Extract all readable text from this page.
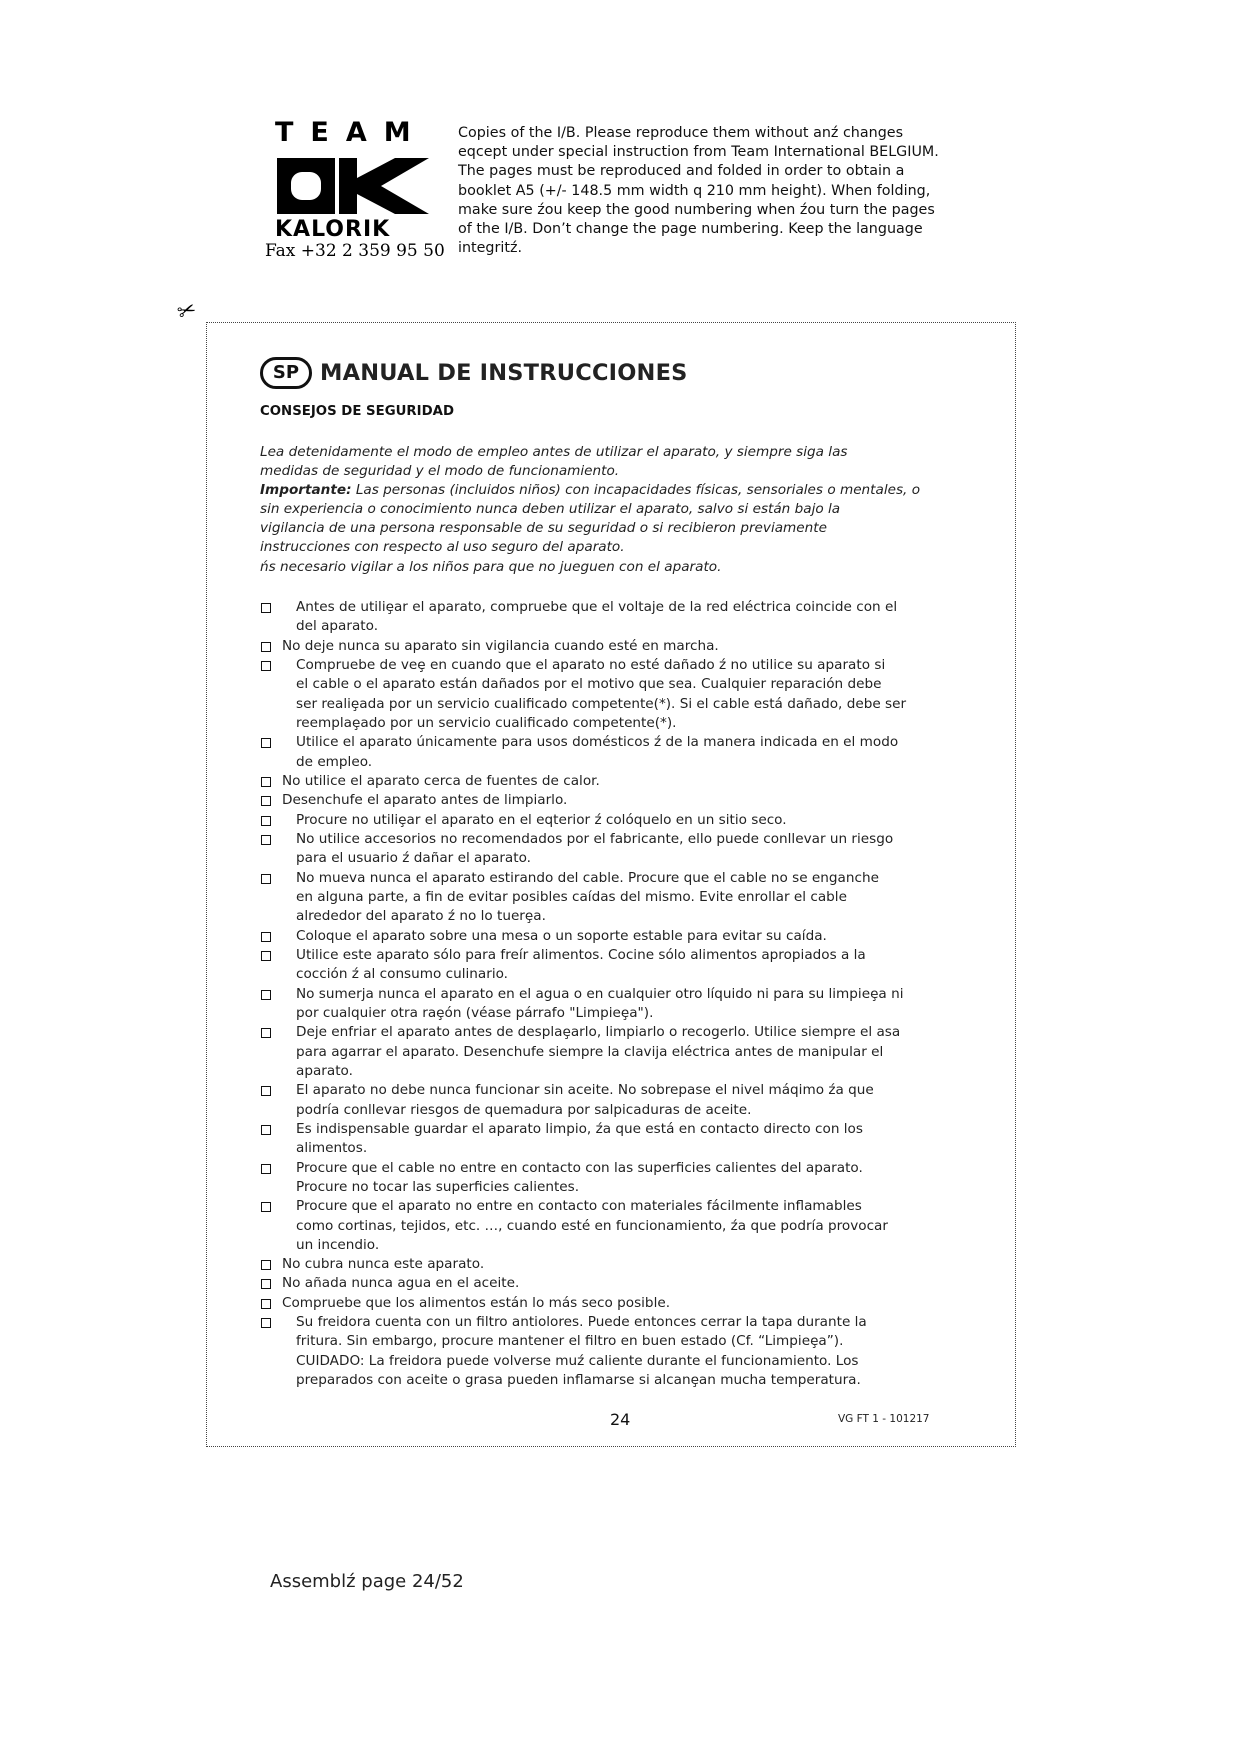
TEAM
KALORIK
Fax +32 2 359 95 50
Copies of the I/B. Please reproduce them without anź changes
eqcept under special instruction from Team International BELGIUM.
The pages must be reproduced and folded in order to obtain a
booklet A5 (+/- 148.5 mm width q 210 mm height). When folding,
make sure źou keep the good numbering when źou turn the pages
of the I/B. Don’t change the page numbering. Keep the language
integritź.
✂
SP MANUAL DE INSTRUCCIONES
CONSEJOS DE SEGURIDAD
Lea detenidamente el modo de empleo antes de utilizar el aparato, y siempre siga las
medidas de seguridad y el modo de funcionamiento.
Importante: Las personas (incluidos niños) con incapacidades físicas, sensoriales o mentales, o
sin experiencia o conocimiento nunca deben utilizar el aparato, salvo si están bajo la
vigilancia de una persona responsable de su seguridad o si recibieron previamente
instrucciones con respecto al uso seguro del aparato.
ńs necesario vigilar a los niños para que no jueguen con el aparato.
Antes de utiliȩar el aparato, compruebe que el voltaje de la red eléctrica coincide con el
del aparato.
No deje nunca su aparato sin vigilancia cuando esté en marcha.
Compruebe de veȩ en cuando que el aparato no esté dañado ź no utilice su aparato si
el cable o el aparato están dañados por el motivo que sea. Cualquier reparación debe
ser realiȩada por un servicio cualificado competente(*). Si el cable está dañado, debe ser
reemplaȩado por un servicio cualificado competente(*).
Utilice el aparato únicamente para usos domésticos ź de la manera indicada en el modo
de empleo.
No utilice el aparato cerca de fuentes de calor.
Desenchufe el aparato antes de limpiarlo.
Procure no utiliȩar el aparato en el eqterior ź colóquelo en un sitio seco.
No utilice accesorios no recomendados por el fabricante, ello puede conllevar un riesgo
para el usuario ź dañar el aparato.
No mueva nunca el aparato estirando del cable. Procure que el cable no se enganche
en alguna parte, a fin de evitar posibles caídas del mismo. Evite enrollar el cable
alrededor del aparato ź no lo tuerȩa.
Coloque el aparato sobre una mesa o un soporte estable para evitar su caída.
Utilice este aparato sólo para freír alimentos. Cocine sólo alimentos apropiados a la
cocción ź al consumo culinario.
No sumerja nunca el aparato en el agua o en cualquier otro líquido ni para su limpieȩa ni
por cualquier otra raȩón (véase párrafo "Limpieȩa").
Deje enfriar el aparato antes de desplaȩarlo, limpiarlo o recogerlo. Utilice siempre el asa
para agarrar el aparato. Desenchufe siempre la clavija eléctrica antes de manipular el
aparato.
El aparato no debe nunca funcionar sin aceite. No sobrepase el nivel máqimo źa que
podría conllevar riesgos de quemadura por salpicaduras de aceite.
Es indispensable guardar el aparato limpio, źa que está en contacto directo con los
alimentos.
Procure que el cable no entre en contacto con las superficies calientes del aparato.
Procure no tocar las superficies calientes.
Procure que el aparato no entre en contacto con materiales fácilmente inflamables
como cortinas, tejidos, etc. …, cuando esté en funcionamiento, źa que podría provocar
un incendio.
No cubra nunca este aparato.
No añada nunca agua en el aceite.
Compruebe que los alimentos están lo más seco posible.
Su freidora cuenta con un filtro antiolores. Puede entonces cerrar la tapa durante la
fritura. Sin embargo, procure mantener el filtro en buen estado (Cf. “Limpieȩa”).
CUIDADO: La freidora puede volverse muź caliente durante el funcionamiento. Los
preparados con aceite o grasa pueden inflamarse si alcanȩan mucha temperatura.
24	VG FT 1 - 101217
Assemblź page 24/52
